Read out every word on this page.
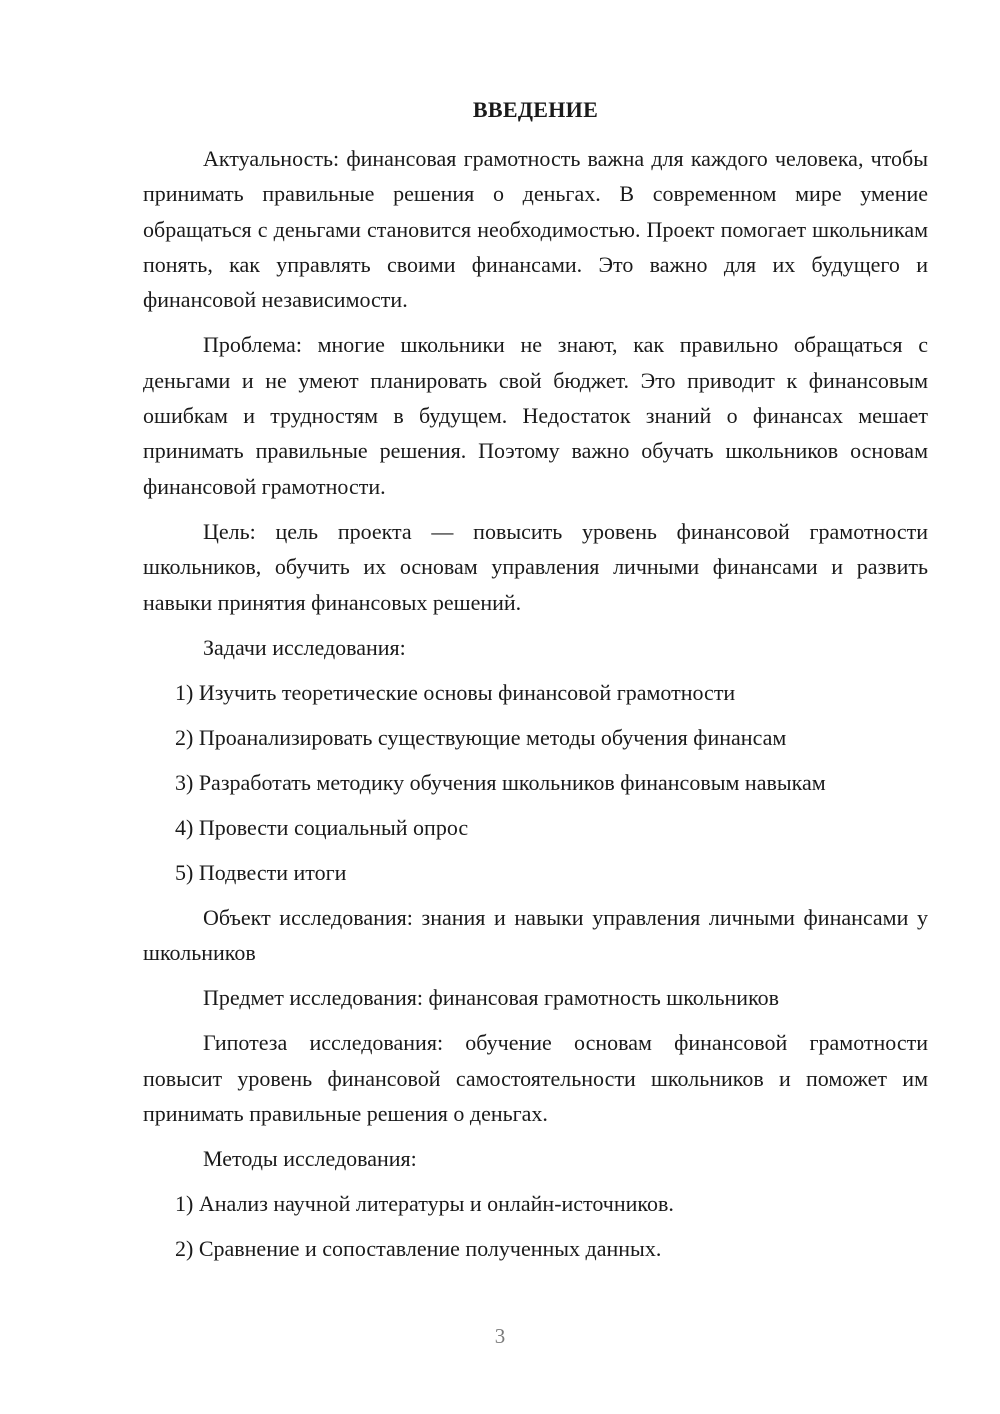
ВВЕДЕНИЕ

Актуальность: финансовая грамотность важна для каждого человека, чтобы принимать правильные решения о деньгах. В современном мире умение обращаться с деньгами становится необходимостью. Проект помогает школьникам понять, как управлять своими финансами. Это важно для их будущего и финансовой независимости.

Проблема: многие школьники не знают, как правильно обращаться с деньгами и не умеют планировать свой бюджет. Это приводит к финансовым ошибкам и трудностям в будущем. Недостаток знаний о финансах мешает принимать правильные решения. Поэтому важно обучать школьников основам финансовой грамотности.

Цель: цель проекта — повысить уровень финансовой грамотности школьников, обучить их основам управления личными финансами и развить навыки принятия финансовых решений.

Задачи исследования:
1) Изучить теоретические основы финансовой грамотности
2) Проанализировать существующие методы обучения финансам
3) Разработать методику обучения школьников финансовым навыкам
4) Провести социальный опрос
5) Подвести итоги

Объект исследования: знания и навыки управления личными финансами у школьников

Предмет исследования: финансовая грамотность школьников

Гипотеза исследования: обучение основам финансовой грамотности повысит уровень финансовой самостоятельности школьников и поможет им принимать правильные решения о деньгах.

Методы исследования:
1) Анализ научной литературы и онлайн-источников.
2) Сравнение и сопоставление полученных данных.
3
